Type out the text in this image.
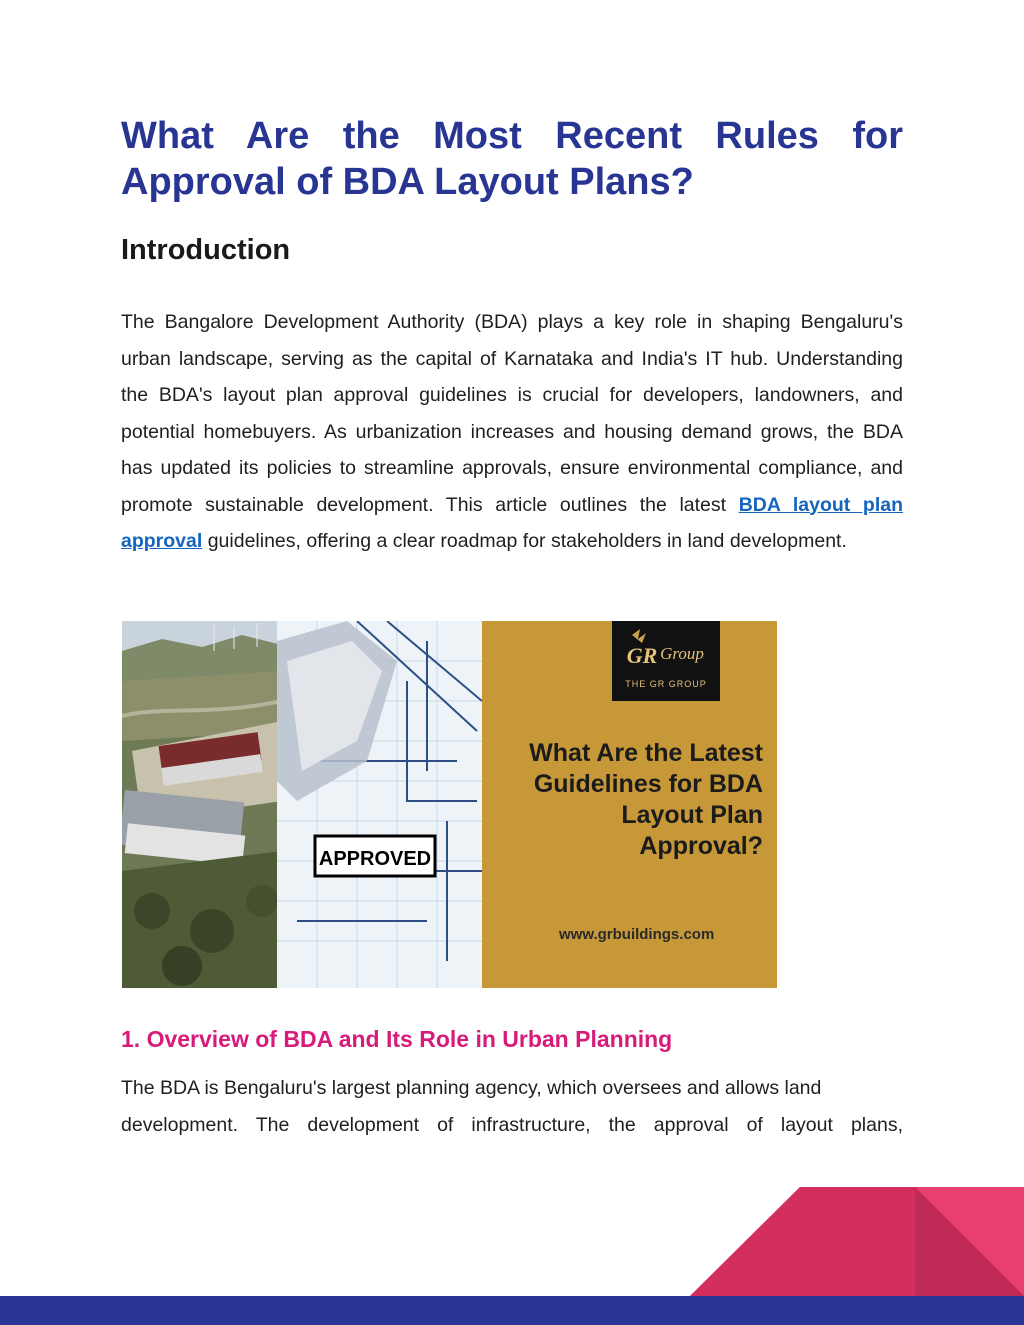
What Are the Most Recent Rules for
Approval of BDA Layout Plans?
Introduction

The Bangalore Development Authority (BDA) plays a key role in shaping Bengaluru's urban landscape, serving as the capital of Karnataka and India's IT hub. Understanding the BDA's layout plan approval guidelines is crucial for developers, landowners, and potential homebuyers. As urbanization increases and housing demand grows, the BDA has updated its policies to streamline approvals, ensure environmental compliance, and promote sustainable development. This article outlines the latest BDA layout plan approval guidelines, offering a clear roadmap for stakeholders in land development.

1. Overview of BDA and Its Role in Urban Planning

The BDA is Bengaluru's largest planning agency, which oversees and allows land
development. The development of infrastructure, the approval of layout plans,

APPROVED
GR Group
THE GR GROUP
What Are the Latest
Guidelines for BDA
Layout Plan
Approval?

www.grbuildings.com
